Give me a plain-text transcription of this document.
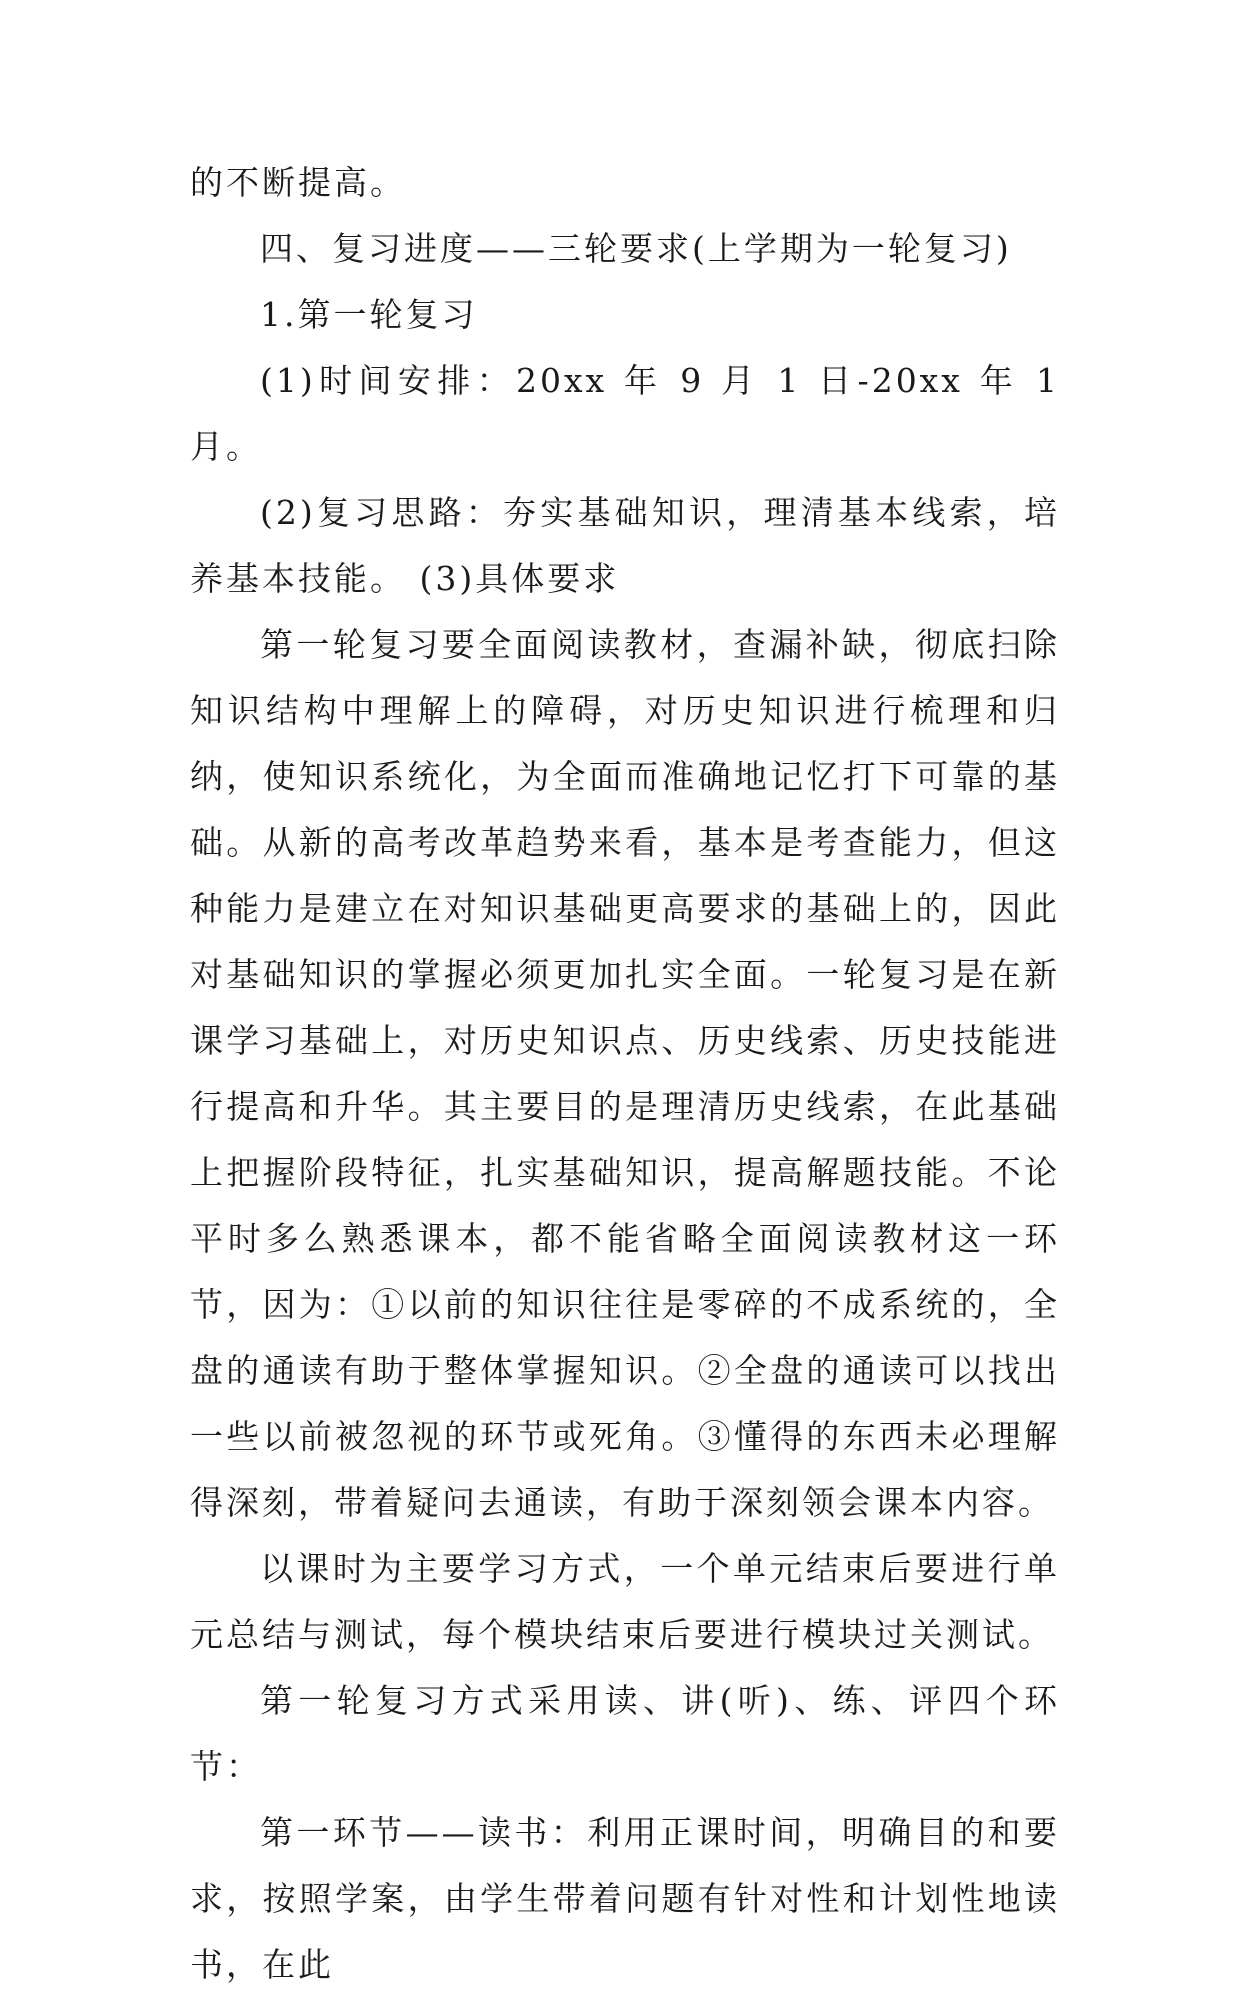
的不断提高。

四、复习进度——三轮要求(上学期为一轮复习)

1.第一轮复习

(1)时间安排：20xx 年 9 月 1 日-20xx 年 1 月。

(2)复习思路：夯实基础知识，理清基本线索，培养基本技能。 (3)具体要求

第一轮复习要全面阅读教材，查漏补缺，彻底扫除知识结构中理解上的障碍，对历史知识进行梳理和归纳，使知识系统化，为全面而准确地记忆打下可靠的基础。从新的高考改革趋势来看，基本是考查能力，但这种能力是建立在对知识基础更高要求的基础上的，因此对基础知识的掌握必须更加扎实全面。一轮复习是在新课学习基础上，对历史知识点、历史线索、历史技能进行提高和升华。其主要目的是理清历史线索，在此基础上把握阶段特征，扎实基础知识，提高解题技能。不论平时多么熟悉课本，都不能省略全面阅读教材这一环节，因为：①以前的知识往往是零碎的不成系统的，全盘的通读有助于整体掌握知识。②全盘的通读可以找出一些以前被忽视的环节或死角。③懂得的东西未必理解得深刻，带着疑问去通读，有助于深刻领会课本内容。

以课时为主要学习方式，一个单元结束后要进行单元总结与测试，每个模块结束后要进行模块过关测试。

第一轮复习方式采用读、讲(听)、练、评四个环节：

第一环节——读书：利用正课时间，明确目的和要求，按照学案，由学生带着问题有针对性和计划性地读书，在此
